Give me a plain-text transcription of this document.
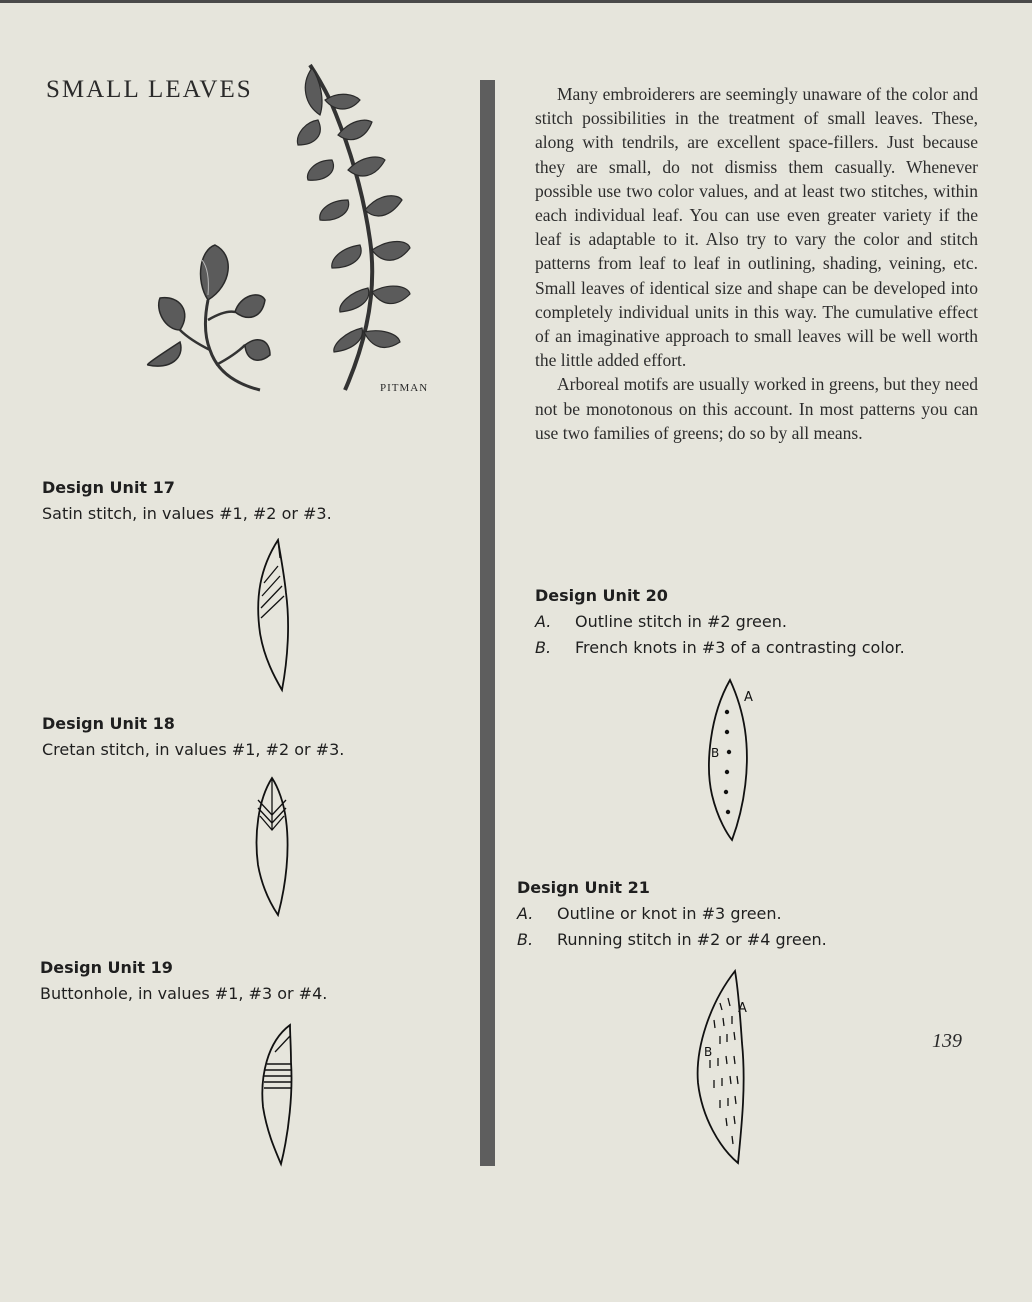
SMALL LEAVES
PITMAN

Many embroiderers are seemingly unaware of the color and stitch possibilities in the treatment of small leaves. These, along with tendrils, are excellent space-fillers. Just because they are small, do not dismiss them casually. Whenever possible use two color values, and at least two stitches, within each individual leaf. You can use even greater variety if the leaf is adaptable to it. Also try to vary the color and stitch patterns from leaf to leaf in outlining, shading, veining, etc. Small leaves of identical size and shape can be developed into completely individual units in this way. The cumulative effect of an imaginative approach to small leaves will be well worth the little added effort.

Arboreal motifs are usually worked in greens, but they need not be monotonous on this account. In most patterns you can use two families of greens; do so by all means.

Design Unit 17
Satin stitch, in values #1, #2 or #3.
Design Unit 18
Cretan stitch, in values #1, #2 or #3.
Design Unit 19
Buttonhole, in values #1, #3 or #4.
Design Unit 20
A.	Outline stitch in #2 green.
B.	French knots in #3 of a contrasting color.
A
B
Design Unit 21
A.	Outline or knot in #3 green.
B.	Running stitch in #2 or #4 green.
A
B	139
